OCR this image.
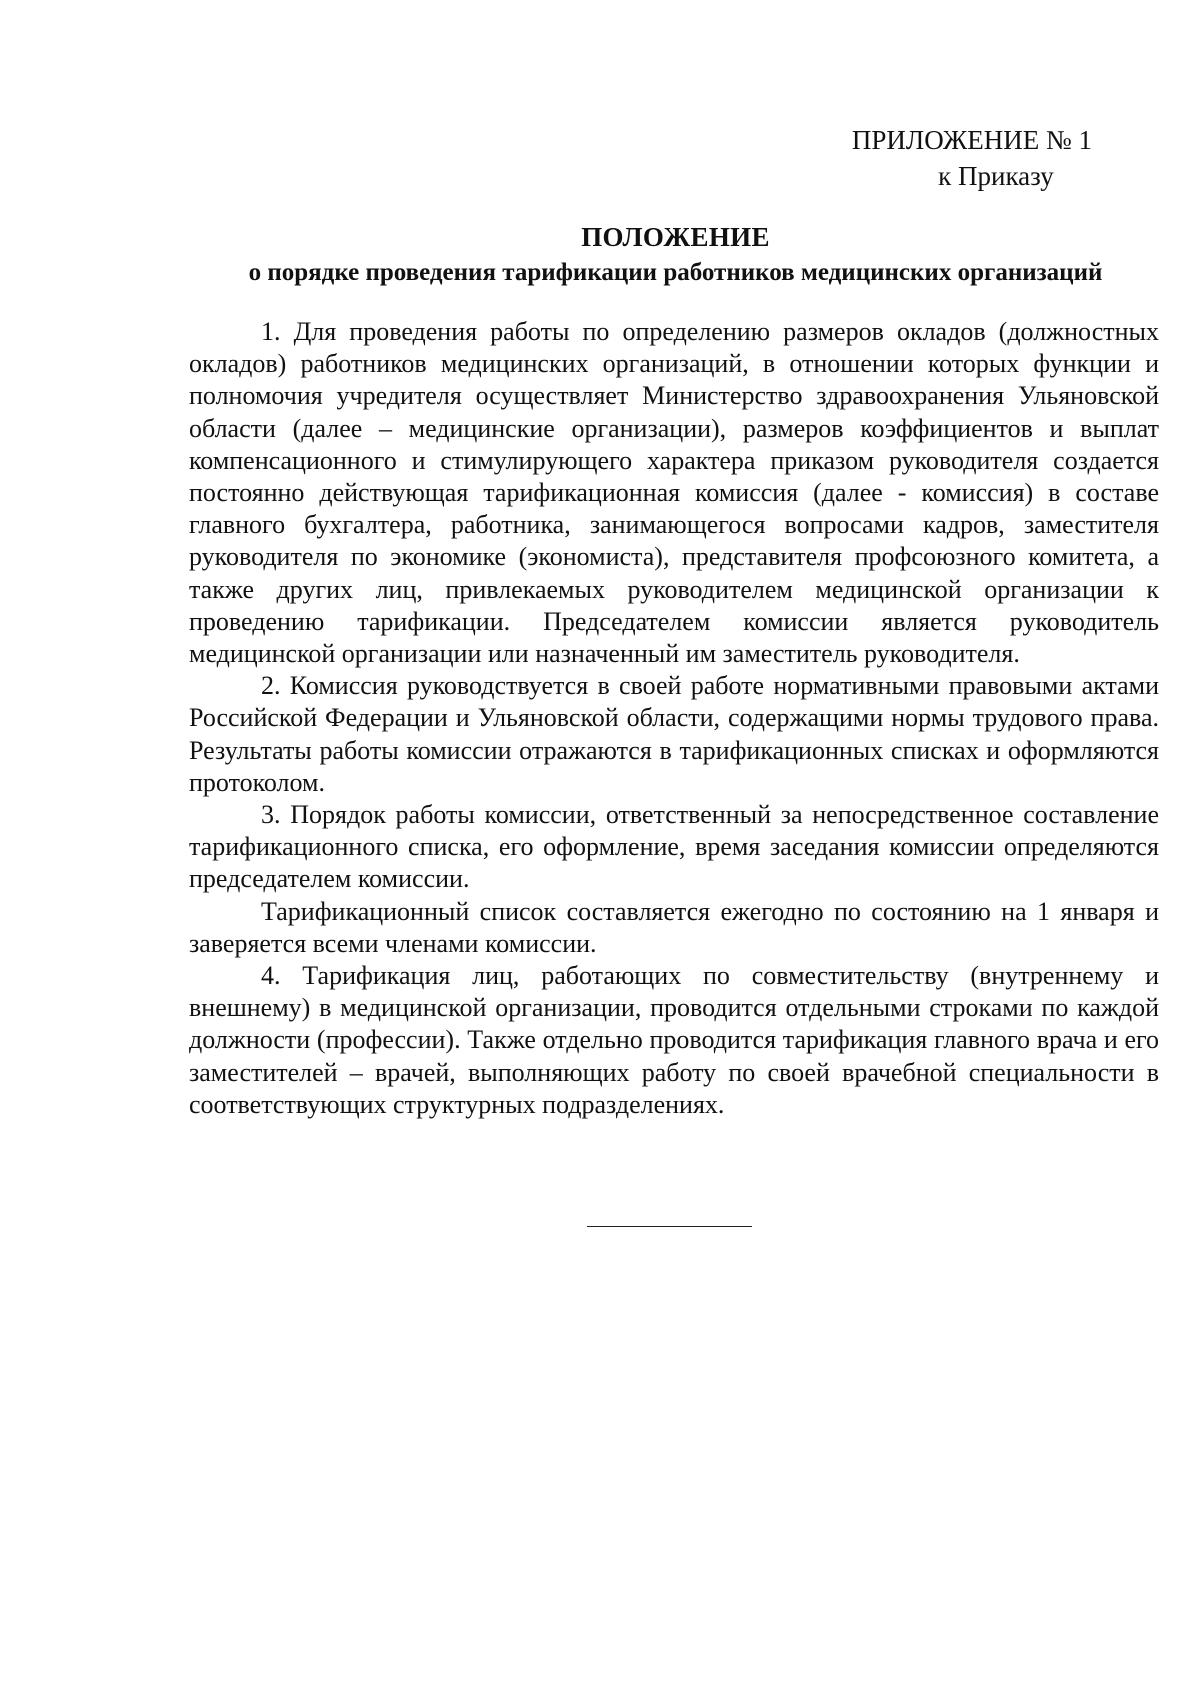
ПРИЛОЖЕНИЕ № 1
к Приказу
ПОЛОЖЕНИЕ
о порядке проведения тарификации работников медицинских организаций

1. Для проведения работы по определению размеров окладов (должностных окладов) работников медицинских организаций, в отношении которых функции и полномочия учредителя осуществляет Министерство здравоохранения Ульяновской области (далее – медицинские организации), размеров коэффициентов и выплат компенсационного и стимулирующего характера приказом руководителя создается постоянно действующая тарификационная комиссия (далее - комиссия) в составе главного бухгалтера, работника, занимающегося вопросами кадров, заместителя руководителя по экономике (экономиста), представителя профсоюзного комитета, а также других лиц, привлекаемых руководителем медицинской организации к проведению тарификации. Председателем комиссии является руководитель медицинской организации или назначенный им заместитель руководителя.

2. Комиссия руководствуется в своей работе нормативными правовыми актами Российской Федерации и Ульяновской области, содержащими нормы трудового права. Результаты работы комиссии отражаются в тарификационных списках и оформляются протоколом.

3. Порядок работы комиссии, ответственный за непосредственное составление тарификационного списка, его оформление, время заседания комиссии определяются председателем комиссии.

Тарификационный список составляется ежегодно по состоянию на 1 января и заверяется всеми членами комиссии.

4. Тарификация лиц, работающих по совместительству (внутреннему и внешнему) в медицинской организации, проводится отдельными строками по каждой должности (профессии). Также отдельно проводится тарификация главного врача и его заместителей – врачей, выполняющих работу по своей врачебной специальности в соответствующих структурных подразделениях.
